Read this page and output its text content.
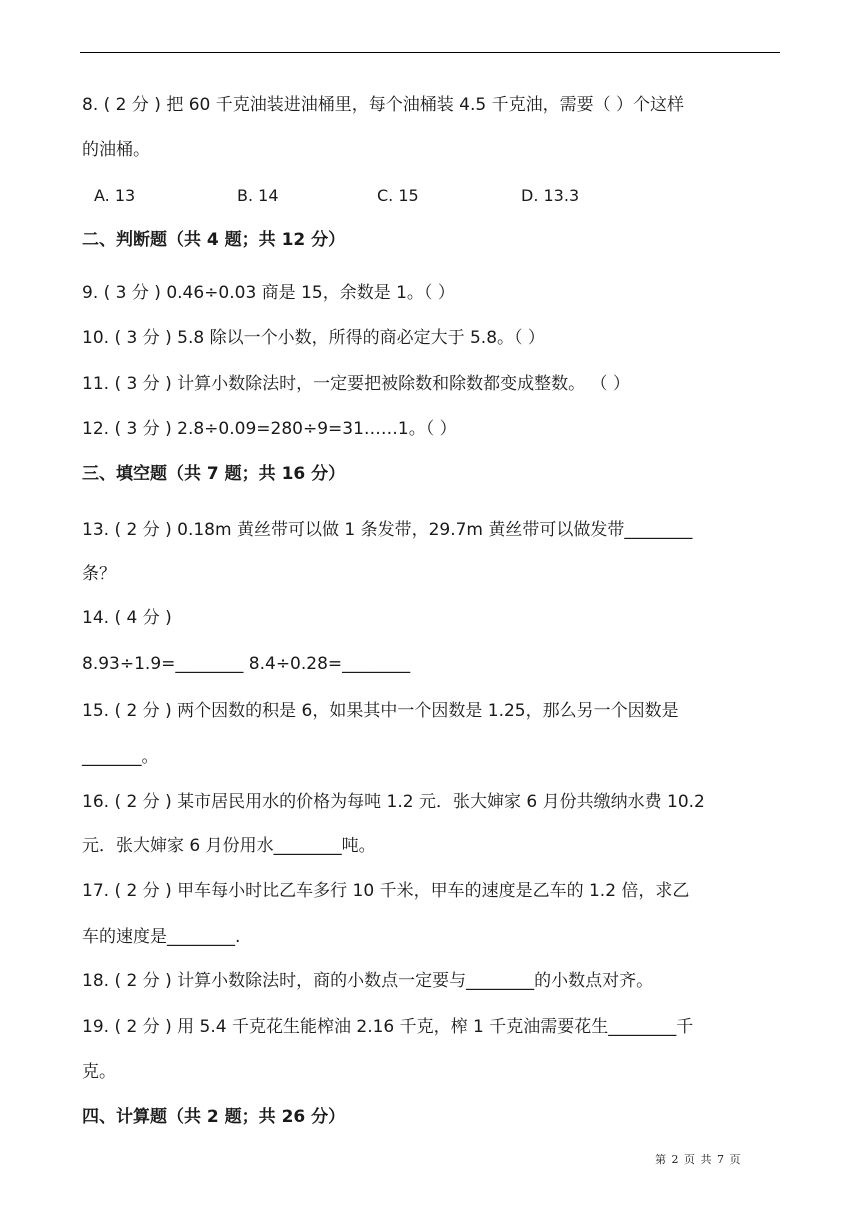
8. ( 2 分 ) 把 60 千克油装进油桶里，每个油桶装 4.5 千克油，需要（ ）个这样
的油桶。
A. 13	B. 14	C. 15	D. 13.3
二、判断题（共 4 题；共 12 分）
9. ( 3 分 ) 0.46÷0.03 商是 15，余数是 1。（ ）
10. ( 3 分 ) 5.8 除以一个小数，所得的商必定大于 5.8。（ ）
11. ( 3 分 ) 计算小数除法时，一定要把被除数和除数都变成整数。 （ ）
12. ( 3 分 ) 2.8÷0.09=280÷9=31……1。（ ）
三、填空题（共 7 题；共 16 分）
13. ( 2 分 ) 0.18m 黄丝带可以做 1 条发带，29.7m 黄丝带可以做发带________
条？
14. ( 4 分 )
8.93÷1.9=________ 8.4÷0.28=________
15. ( 2 分 ) 两个因数的积是 6，如果其中一个因数是 1.25，那么另一个因数是
_______。
16. ( 2 分 ) 某市居民用水的价格为每吨 1.2 元．张大婶家 6 月份共缴纳水费 10.2
元．张大婶家 6 月份用水________吨。
17. ( 2 分 ) 甲车每小时比乙车多行 10 千米，甲车的速度是乙车的 1.2 倍，求乙
车的速度是________.
18. ( 2 分 ) 计算小数除法时，商的小数点一定要与________的小数点对齐。
19. ( 2 分 ) 用 5.4 千克花生能榨油 2.16 千克，榨 1 千克油需要花生________千
克。
四、计算题（共 2 题；共 26 分）
第 2 页 共 7 页
